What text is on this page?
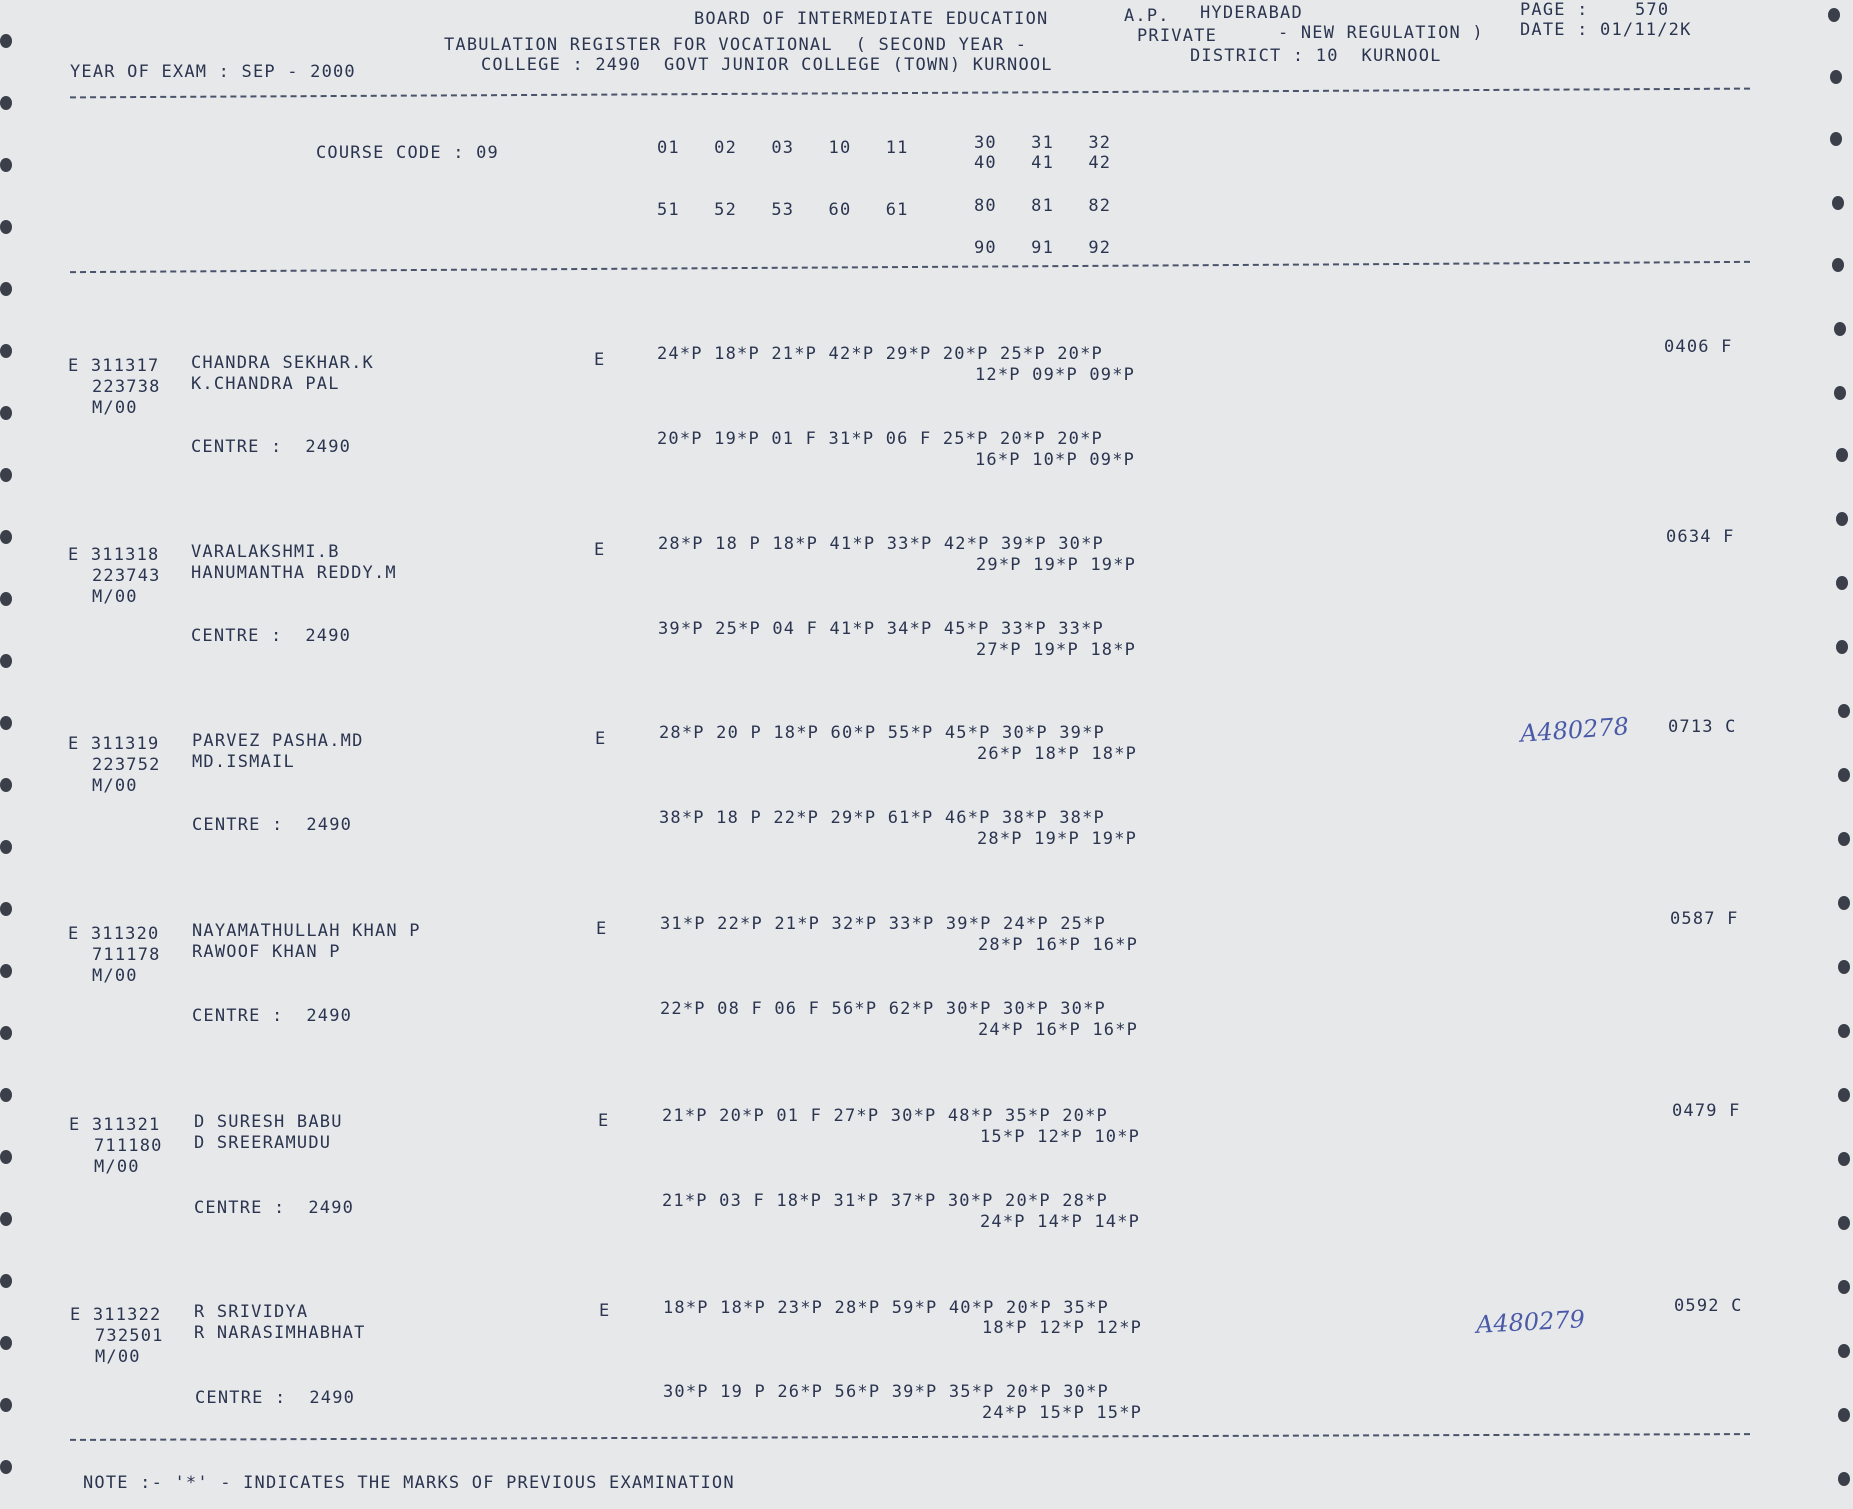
BOARD OF INTERMEDIATE EDUCATION	A.P. HYDERABAD	PAGE :	570
TABULATION REGISTER FOR VOCATIONAL  ( SECOND YEAR -	PRIVATE	- NEW REGULATION ) DATE : 01/11/2K
YEAR OF EXAM : SEP - 2000	COLLEGE : 2490  GOVT JUNIOR COLLEGE (TOWN) KURNOOL	DISTRICT : 10  KURNOOL
COURSE CODE : 09	01   02   03   10   11	30   31   32
40   41   42
51   52   53   60   61	80   81   82
90   91   92
E 311317 CHANDRA SEKHAR.K
223738 K.CHANDRA PAL
M/00
E	24*P 18*P 21*P 42*P 29*P 20*P 25*P 20*P
12*P 09*P 09*P
CENTRE :  2490	20*P 19*P 01 F 31*P 06 F 25*P 20*P 20*P
16*P 10*P 09*P
0406 F
E 311318 VARALAKSHMI.B
223743 HANUMANTHA REDDY.M
M/00
E	28*P 18 P 18*P 41*P 33*P 42*P 39*P 30*P
29*P 19*P 19*P
CENTRE :  2490	39*P 25*P 04 F 41*P 34*P 45*P 33*P 33*P
27*P 19*P 18*P
0634 F
E 311319 PARVEZ PASHA.MD
223752 MD.ISMAIL
M/00
E	28*P 20 P 18*P 60*P 55*P 45*P 30*P 39*P
26*P 18*P 18*P
CENTRE :  2490	38*P 18 P 22*P 29*P 61*P 46*P 38*P 38*P
28*P 19*P 19*P
0713 C
A480278
E 311320 NAYAMATHULLAH KHAN P
711178 RAWOOF KHAN P
M/00
E	31*P 22*P 21*P 32*P 33*P 39*P 24*P 25*P
28*P 16*P 16*P
CENTRE :  2490	22*P 08 F 06 F 56*P 62*P 30*P 30*P 30*P
24*P 16*P 16*P
0587 F
E 311321 D SURESH BABU
711180 D SREERAMUDU
M/00
E	21*P 20*P 01 F 27*P 30*P 48*P 35*P 20*P
15*P 12*P 10*P
CENTRE :  2490	21*P 03 F 18*P 31*P 37*P 30*P 20*P 28*P
24*P 14*P 14*P
0479 F
E 311322 R SRIVIDYA
732501 R NARASIMHABHAT
M/00
E	18*P 18*P 23*P 28*P 59*P 40*P 20*P 35*P
18*P 12*P 12*P
CENTRE :  2490	30*P 19 P 26*P 56*P 39*P 35*P 20*P 30*P
24*P 15*P 15*P
0592 C
A480279
NOTE :- '*' - INDICATES THE MARKS OF PREVIOUS EXAMINATION
